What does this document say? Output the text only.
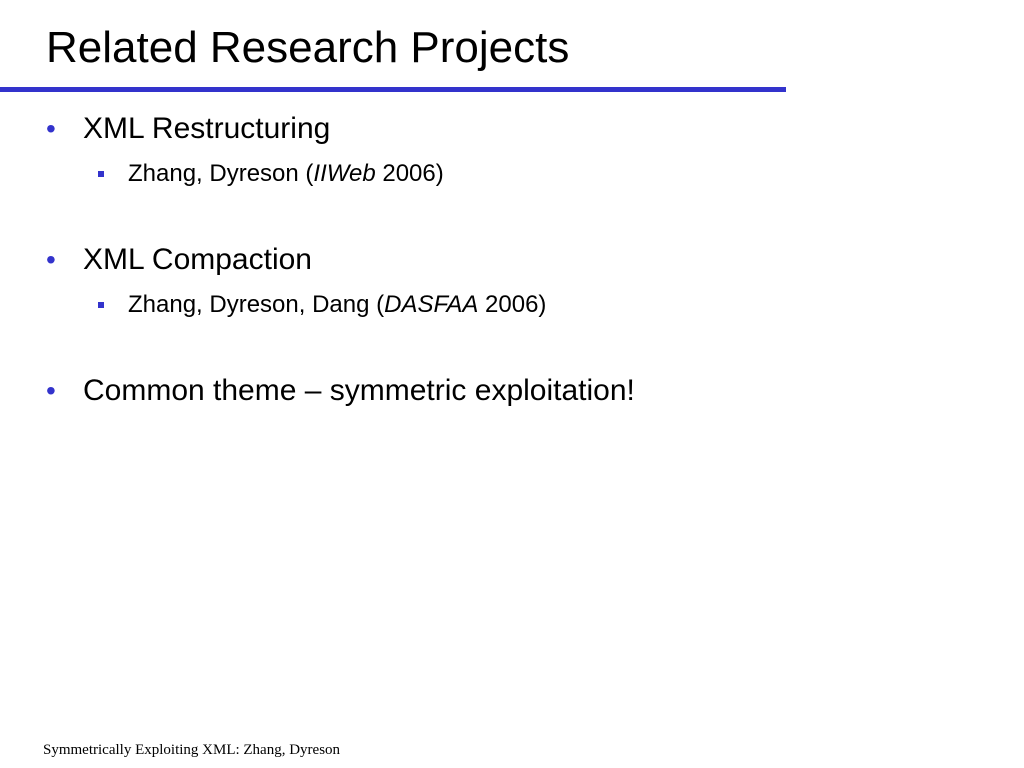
Related Research Projects
• XML Restructuring
Zhang, Dyreson (IIWeb 2006)
• XML Compaction
Zhang, Dyreson, Dang (DASFAA 2006)
• Common theme – symmetric exploitation!
Symmetrically Exploiting XML: Zhang, Dyreson
